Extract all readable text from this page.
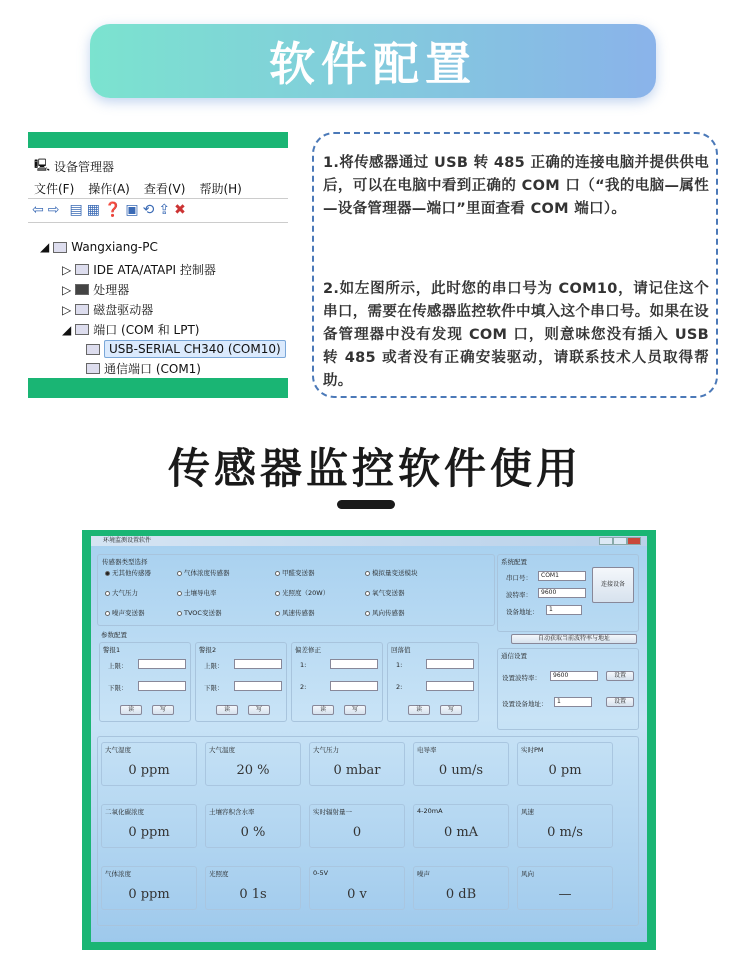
软件配置
🖳 设备管理器
文件(F) 操作(A) 查看(V) 帮助(H)
⇦ ⇨ ▤ ▦ ❓ ▣ ⟲ ⇪ ✖
◢ Wangxiang-PC
▷ IDE ATA/ATAPI 控制器
▷ 处理器
▷ 磁盘驱动器
◢ 端口 (COM 和 LPT)
USB-SERIAL CH340 (COM10)
通信端口 (COM1)

1.将传感器通过 USB 转 485 正确的连接电脑并提供供电后，可以在电脑中看到正确的 COM 口（“我的电脑—属性—设备管理器—端口”里面查看 COM 端口）。

2.如左图所示，此时您的串口号为 COM10，请记住这个串口，需要在传感器监控软件中填入这个串口号。如果在设备管理器中没有发现 COM 口，则意味您没有插入 USB 转 485 或者没有正确安装驱动，请联系技术人员取得帮助。

传感器监控软件使用
环境监测设置软件
传感器类型选择	系统配置
串口号：	COM1
波特率：	9600
设备地址：	1
连接设备
自动获取当前波特率与地址
通信设置
设置波特率：	9600	设置
设置设备地址：	1	设置
参数配置
无其他传感器	气体浓度传感器	甲醛变送器	模拟量变送模块
大气压力	土壤导电率	光照度（20W）	氧气变送器
噪声变送器	TVOC变送器	风速传感器	风向传感器
警报1
上限：
下限：
读	写
警报2
上限：
下限：
读	写
偏差修正
1:
2:
读	写
回落值
1:
2:
读	写
大气湿度
0 ppm
大气温度
20 %
大气压力
0 mbar
电导率
0 um/s
实时PM
0 pm
二氧化碳浓度
0 ppm
土壤容积含水率
0 %
实时辐射量一
0
4-20mA
0 mA
风速
0 m/s
气体浓度
0 ppm
光照度
0 1s
0-5V
0 v
噪声
0 dB
风向
—
